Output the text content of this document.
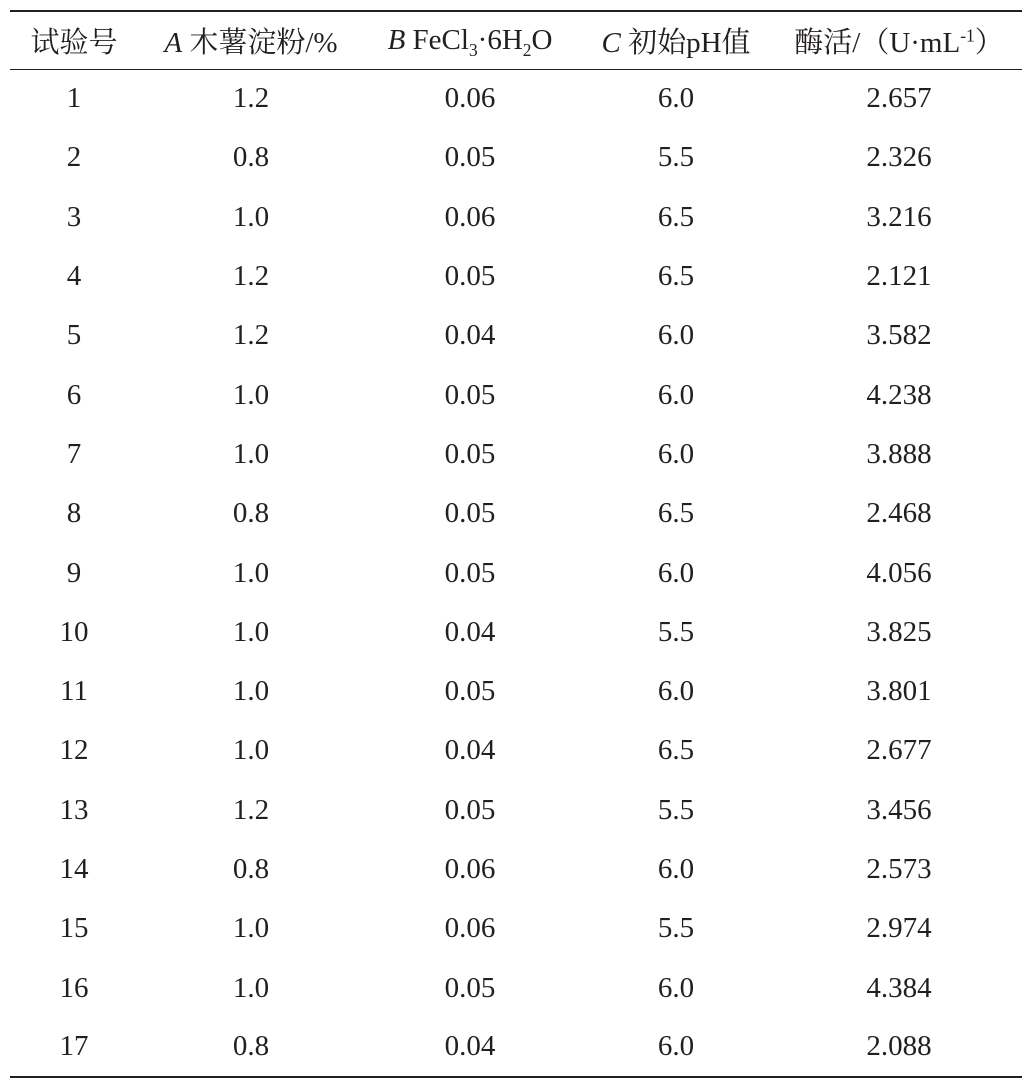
试验号	A 木薯淀粉/%	B $FeCl_3\cdot 6H_2O$	C 初始pH值	酶活$/(U\cdot mL^{-1})$
1	1.2	0.06	6.0	2.657
2	0.8	0.05	5.5	2.326
3	1.0	0.06	6.5	3.216
4	1.2	0.05	6.5	2.121
5	1.2	0.04	6.0	3.582
6	1.0	0.05	6.0	4.238
7	1.0	0.05	6.0	3.888
8	0.8	0.05	6.5	2.468
9	1.0	0.05	6.0	4.056
10	1.0	0.04	5.5	3.825
11	1.0	0.05	6.0	3.801
12	1.0	0.04	6.5	2.677
13	1.2	0.05	5.5	3.456
14	0.8	0.06	6.0	2.573
15	1.0	0.06	5.5	2.974
16	1.0	0.05	6.0	4.384
17	0.8	0.04	6.0	2.088
